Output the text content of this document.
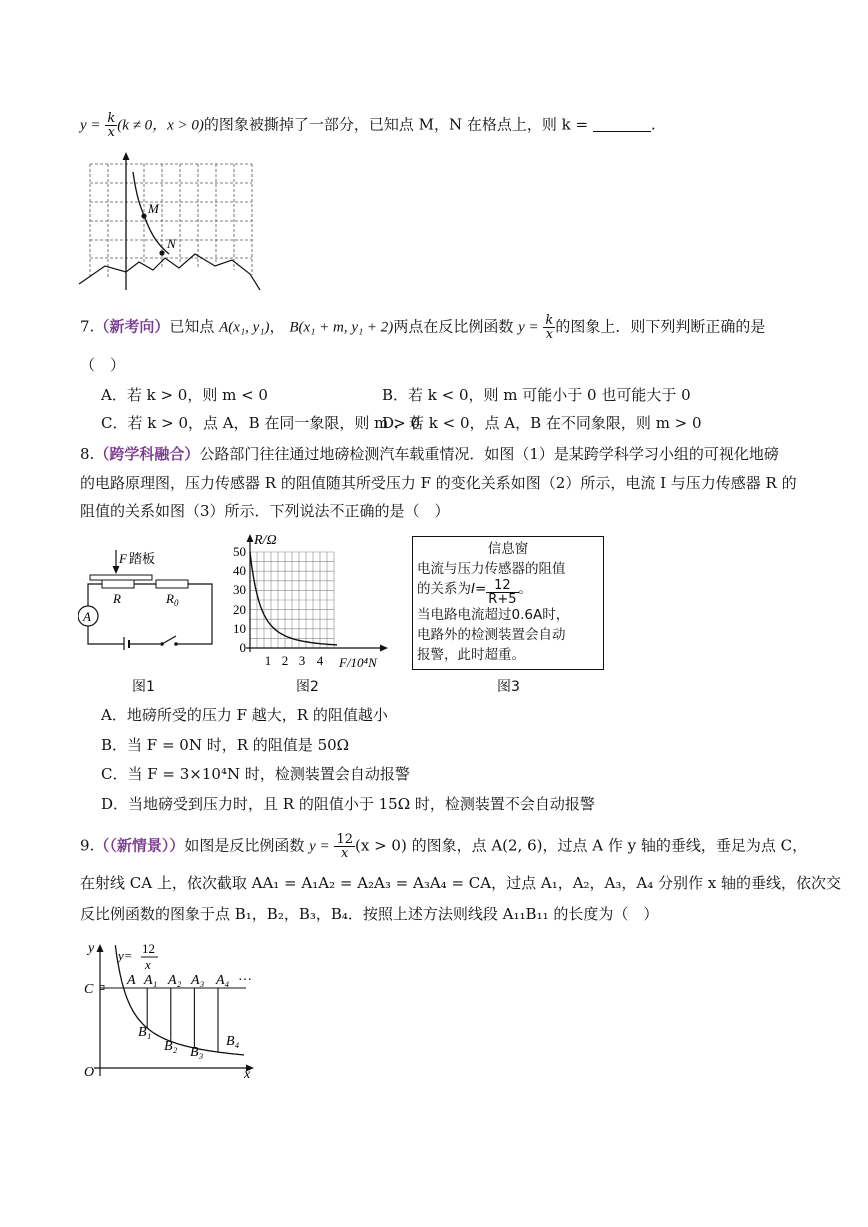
$y = \frac{k}{x} (k \ne 0$，x > 0)的图象被撕掉了一部分，已知点 M，N 在格点上，则 k =	.
M
N
7.（新考向）已知点 A(x₁, y₁)， B(x₁ + m, y₁ + 2)两点在反比例函数 $y = \frac{k}{x}$ 的图象上．则下列判断正确的是
（　）
A．若 k > 0，则 m < 0	B．若 k < 0，则 m 可能小于 0 也可能大于 0
C．若 k > 0，点 A，B 在同一象限，则 m > 0
D．若 k < 0，点 A，B 在不同象限，则 m > 0
8.（跨学科融合）公路部门往往通过地磅检测汽车载重情况．如图（1）是某跨学科学习小组的可视化地磅
的电路原理图，压力传感器 R 的阻值随其所受压力 F 的变化关系如图（2）所示，电流 I 与压力传感器 R 的
阻值的关系如图（3）所示．下列说法不正确的是（　）
F 踏板
R	$R_0$
A
图1
R/Ω
50
40
30
20
10
0
1 2 3 4 F/10⁴N
图2
信息窗
电流与压力传感器的阻值
的关系为$I= \frac{12}{R+5}$ 。
当电路电流超过0.6A时，
电路外的检测装置会自动
报警，此时超重。
图3
A．地磅所受的压力 F 越大，R 的阻值越小
B．当 F = 0N 时，R 的阻值是 50Ω
C．当 F = 3×10⁴N 时，检测装置会自动报警
D．当地磅受到压力时，且 R 的阻值小于 15Ω 时，检测装置不会自动报警
9.（（新情景））如图是反比例函数 $y = \frac{12}{x} (x > 0)$ 的图象，点 A(2, 6)，过点 A 作 y 轴的垂线，垂足为点 C，
在射线 CA 上，依次截取 AA₁ = A₁A₂ = A₂A₃ = A₃A₄ = CA，过点 A₁，A₂，A₃，A₄ 分别作 x 轴的垂线，依次交
反比例函数的图象于点 B₁，B₂，B₃，B₄．按照上述方法则线段 A₁₁B₁₁ 的长度为（　）
y
x
O
C
A A₁ A₂ A₃ A₄ ···
B₁
B₂ B₃
B₄
y= 12
x
